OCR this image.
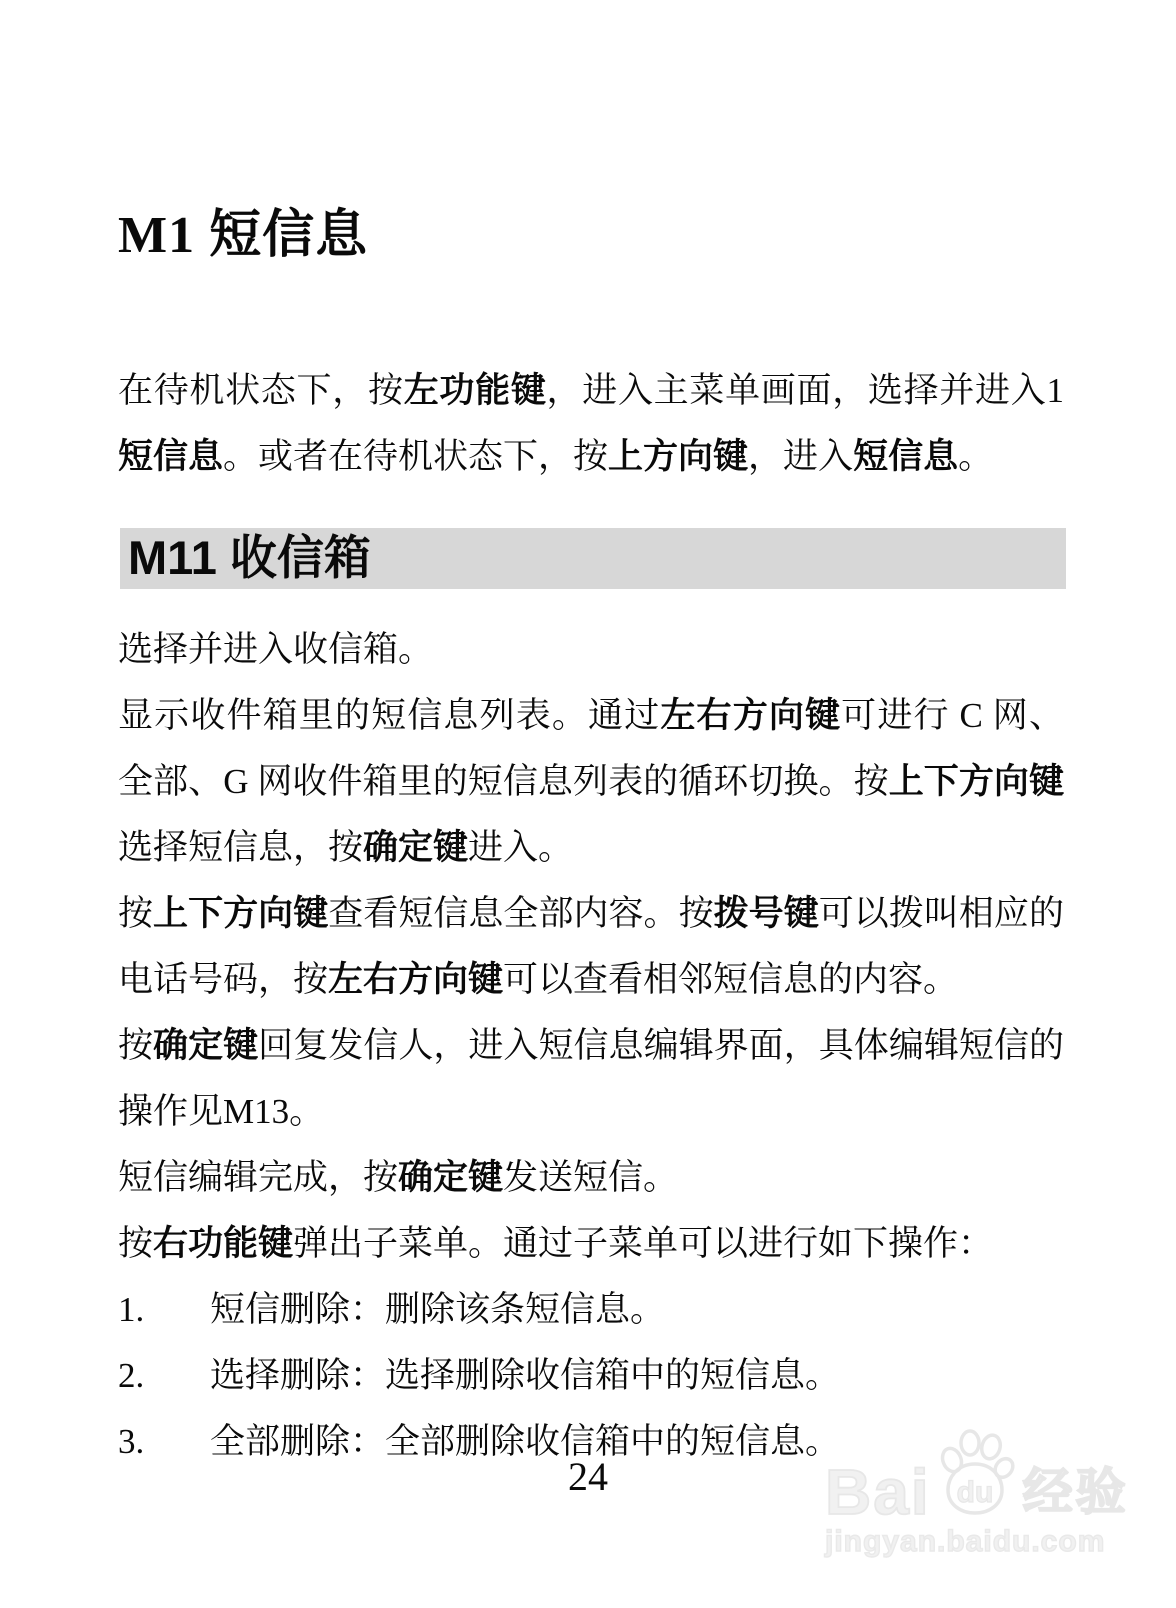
M1 短信息

在待机状态下，按左功能键，进入主菜单画面，选择并进入1短信息。或者在待机状态下，按上方向键，进入短信息。

M11 收信箱

选择并进入收信箱。

显示收件箱里的短信息列表。通过左右方向键可进行 C 网、全部、G 网收件箱里的短信息列表的循环切换。按上下方向键选择短信息，按确定键进入。

按上下方向键查看短信息全部内容。按拨号键可以拨叫相应的电话号码，按左右方向键可以查看相邻短信息的内容。

按确定键回复发信人，进入短信息编辑界面，具体编辑短信的操作见M13。

短信编辑完成，按确定键发送短信。

按右功能键弹出子菜单。通过子菜单可以进行如下操作：

1.	短信删除：删除该条短信息。
2.	选择删除：选择删除收信箱中的短信息。
3.	全部删除：全部删除收信箱中的短信息。

24	Bai du 经验
jingyan.baidu.com
